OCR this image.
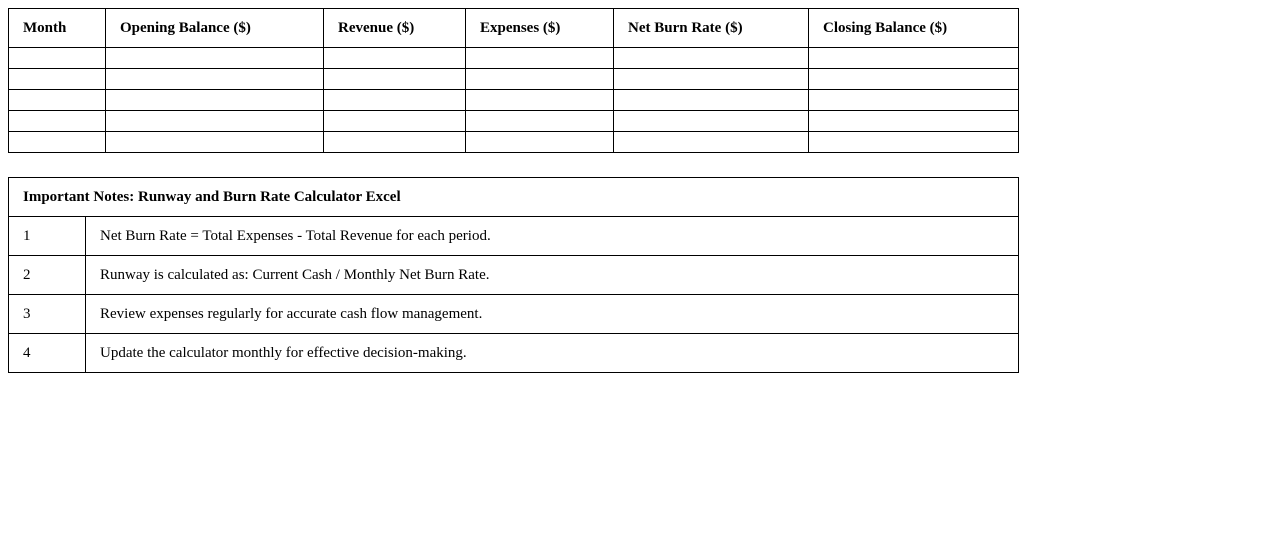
Month	Opening Balance ($)	Revenue ($)	Expenses ($)	Net Burn Rate ($)	Closing Balance ($)

Important Notes: Runway and Burn Rate Calculator Excel	
1	Net Burn Rate = Total Expenses - Total Revenue for each period.
2	Runway is calculated as: Current Cash / Monthly Net Burn Rate.
3	Review expenses regularly for accurate cash flow management.
4	Update the calculator monthly for effective decision-making.
